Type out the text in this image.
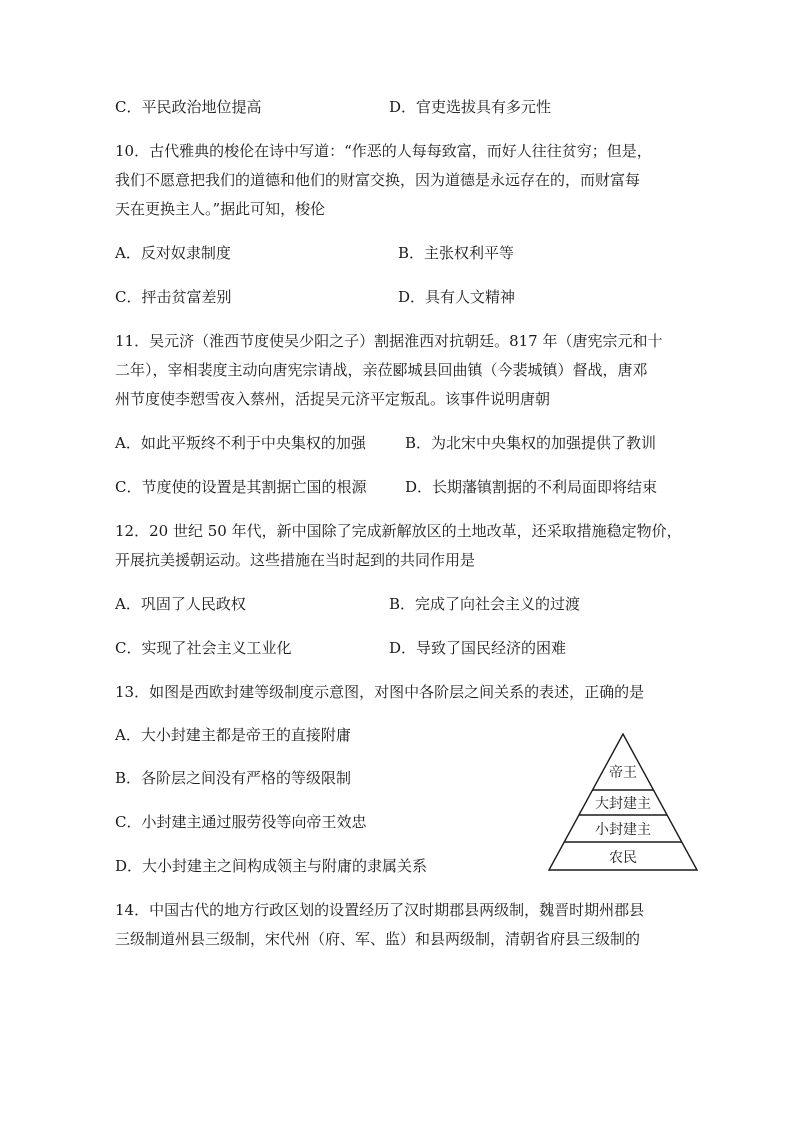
C．平民政治地位提高	D．官吏选拔具有多元性
10．古代雅典的梭伦在诗中写道：“作恶的人每每致富，而好人往往贫穷；但是，
我们不愿意把我们的道德和他们的财富交换，因为道德是永远存在的，而财富每
天在更换主人。”据此可知，梭伦
A．反对奴隶制度	B．主张权利平等
C．抨击贫富差别	D．具有人文精神
11．吴元济（淮西节度使吴少阳之子）割据淮西对抗朝廷。817 年（唐宪宗元和十
二年），宰相裴度主动向唐宪宗请战，亲莅郾城县回曲镇（今裴城镇）督战，唐邓
州节度使李愬雪夜入蔡州，活捉吴元济平定叛乱。该事件说明唐朝
A．如此平叛终不利于中央集权的加强	B．为北宋中央集权的加强提供了教训
C．节度使的设置是其割据亡国的根源	D．长期藩镇割据的不利局面即将结束
12．20 世纪 50 年代，新中国除了完成新解放区的土地改革，还采取措施稳定物价，
开展抗美援朝运动。这些措施在当时起到的共同作用是
A．巩固了人民政权	B．完成了向社会主义的过渡
C．实现了社会主义工业化	D．导致了国民经济的困难
13．如图是西欧封建等级制度示意图，对图中各阶层之间关系的表述，正确的是
A．大小封建主都是帝王的直接附庸
B．各阶层之间没有严格的等级限制
C．小封建主通过服劳役等向帝王效忠
D．大小封建主之间构成领主与附庸的隶属关系
帝王
大封建主
小封建主
农民
14．中国古代的地方行政区划的设置经历了汉时期郡县两级制，魏晋时期州郡县
三级制道州县三级制，宋代州（府、军、监）和县两级制，清朝省府县三级制的
